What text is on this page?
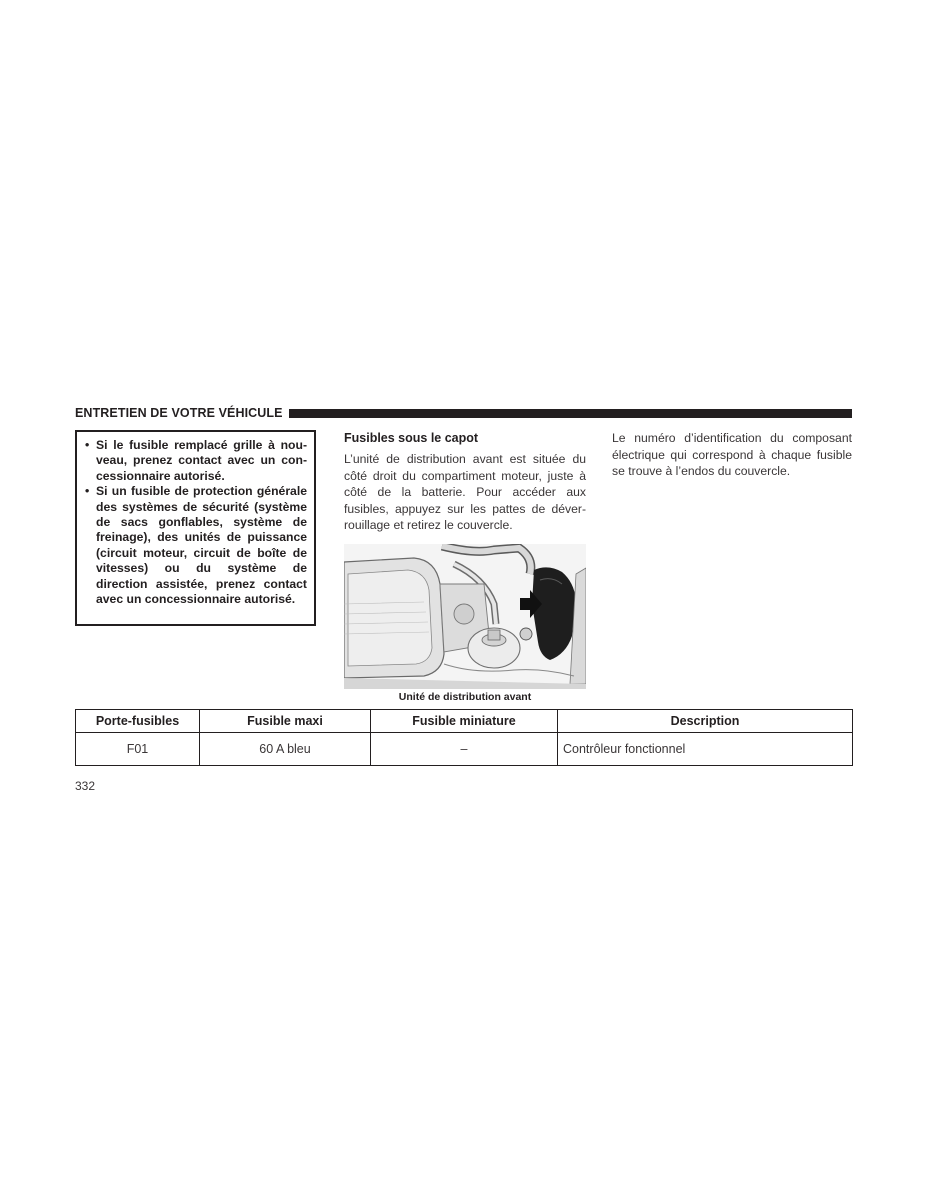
ENTRETIEN DE VOTRE VÉHICULE
• Si le fusible remplacé grille à nouveau, prenez contact avec un concessionnaire autorisé.
• Si un fusible de protection générale des systèmes de sécurité (système de sacs gonflables, système de freinage), des unités de puissance (circuit moteur, circuit de boîte de vitesses) ou du système de direction assistée, prenez contact avec un concessionnaire autorisé.
Fusibles sous le capot

L’unité de distribution avant est située du côté droit du compartiment moteur, juste à côté de la batterie. Pour accéder aux fusibles, appuyez sur les pattes de déverrouillage et retirez le couvercle.

Le numéro d’identification du composant électrique qui correspond à chaque fusible se trouve à l’endos du couvercle.

Unité de distribution avant
Porte-fusibles	Fusible maxi	Fusible miniature	Description
F01	60 A bleu	–	Contrôleur fonctionnel
332
